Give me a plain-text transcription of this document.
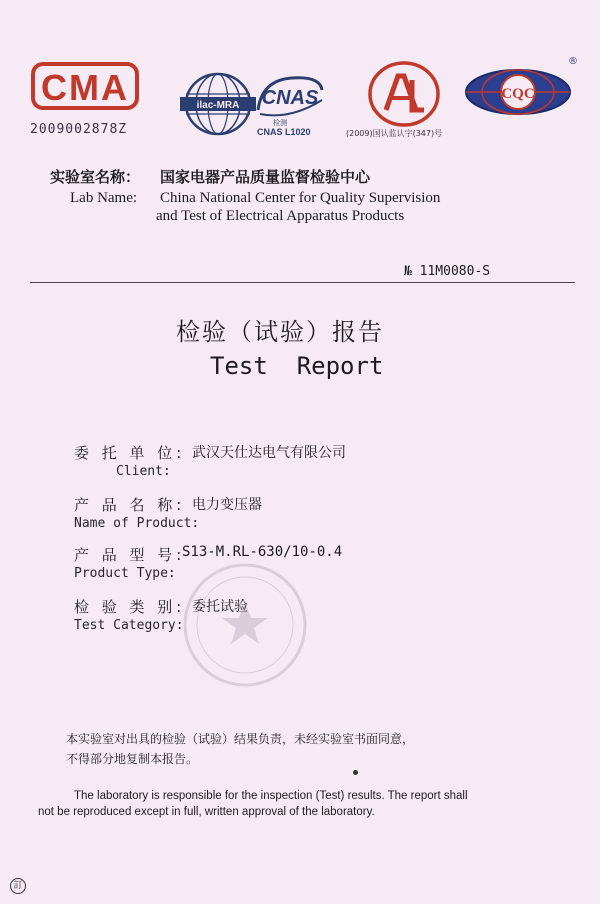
CMA
2009002878Z
ilac-MRA CNAS
检测
CNAS L1020	(2009)国认监认字(347)号
CQC
®
实验室名称： 国家电器产品质量监督检验中心
Lab Name: China National Center for Quality Supervision
and Test of Electrical Apparatus Products
№ 11M0080-S
检验（试验）报告
Test  Report
委 托 单 位: 武汉天仕达电气有限公司
Client:
产 品 名 称: 电力变压器
Name of Product:
产 品 型 号:
S13-M.RL-630/10-0.4
Product Type:
检 验 类 别: 委托试验
Test Category:
本实验室对出具的检验（试验）结果负责，未经实验室书面同意，
不得部分地复制本报告。
The laboratory is responsible for the inspection (Test) results. The report shall
not be reproduced except in full, written approval of the laboratory.
訂
